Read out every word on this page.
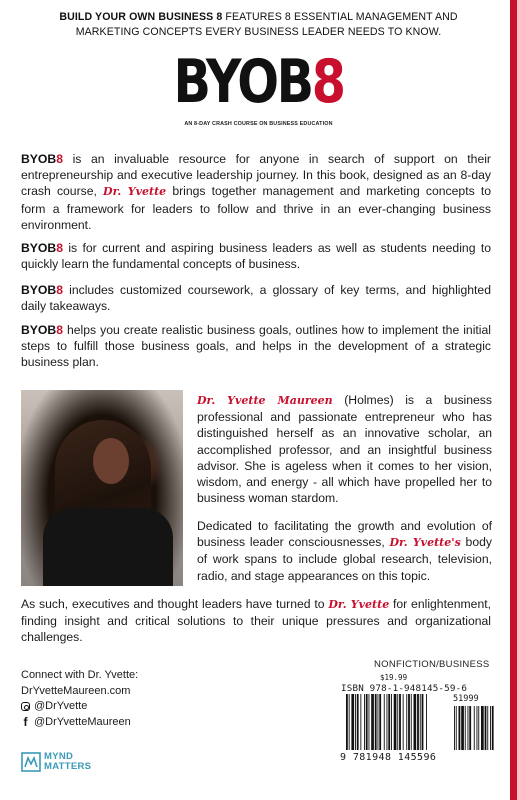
BUILD YOUR OWN BUSINESS 8 FEATURES 8 ESSENTIAL MANAGEMENT AND MARKETING CONCEPTS EVERY BUSINESS LEADER NEEDS TO KNOW.
BYOB8
AN 8-DAY CRASH COURSE ON BUSINESS EDUCATION

BYOB8 is an invaluable resource for anyone in search of support on their entrepreneurship and executive leadership journey. In this book, designed as an 8-day crash course, Dr. Yvette brings together management and marketing concepts to form a framework for leaders to follow and thrive in an ever-changing business environment.

BYOB8 is for current and aspiring business leaders as well as students needing to quickly learn the fundamental concepts of business.

BYOB8 includes customized coursework, a glossary of key terms, and highlighted daily takeaways.

BYOB8 helps you create realistic business goals, outlines how to implement the initial steps to fulfill those business goals, and helps in the development of a strategic business plan.

Dr. Yvette Maureen (Holmes) is a business professional and passionate entrepreneur who has distinguished herself as an innovative scholar, an accomplished professor, and an insightful business advisor. She is ageless when it comes to her vision, wisdom, and energy - all which have propelled her to business woman stardom.

Dedicated to facilitating the growth and evolution of business leader consciousnesses, Dr. Yvette's body of work spans to include global research, television, radio, and stage appearances on this topic.

As such, executives and thought leaders have turned to Dr. Yvette for enlightenment, finding insight and critical solutions to their unique pressures and organizational challenges.

Connect with Dr. Yvette:
DrYvetteMaureen.com
@DrYvette
f @DrYvetteMaureen
MYND
MATTERS
NONFICTION/BUSINESS
$19.99
ISBN 978-1-948145-59-6
51999
9 781948 145596
